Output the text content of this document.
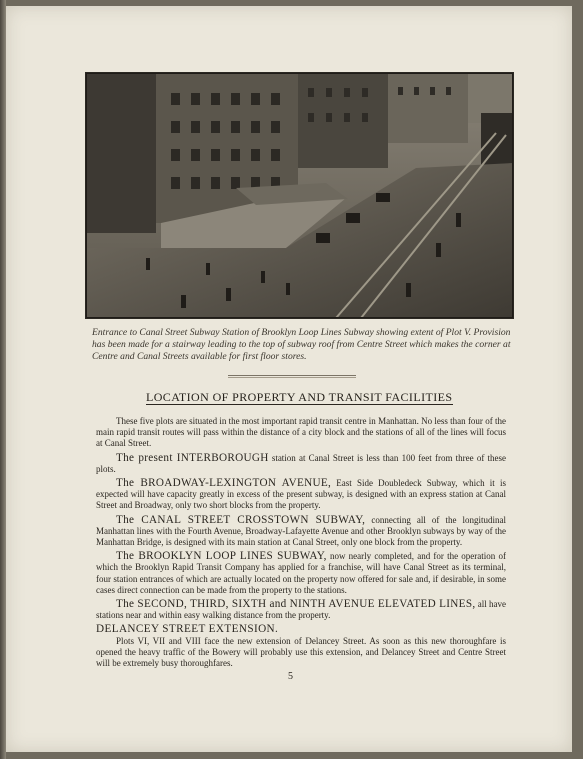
Entrance to Canal Street Subway Station of Brooklyn Loop Lines Subway showing extent of Plot V. Provision has been made for a stairway leading to the top of subway roof from Centre Street which makes the corner at Centre and Canal Streets available for first floor stores.
LOCATION OF PROPERTY AND TRANSIT FACILITIES

These five plots are situated in the most important rapid transit centre in Manhattan. No less than four of the main rapid transit routes will pass within the distance of a city block and the stations of all of the lines will focus at Canal Street.

The present INTERBOROUGH station at Canal Street is less than 100 feet from three of these plots.

The BROADWAY-LEXINGTON AVENUE, East Side Doubledeck Subway, which it is expected will have capacity greatly in excess of the present subway, is designed with an express station at Canal Street and Broadway, only two short blocks from the property.

The CANAL STREET CROSSTOWN SUBWAY, connecting all of the longitudinal Manhattan lines with the Fourth Avenue, Broadway-Lafayette Avenue and other Brooklyn subways by way of the Manhattan Bridge, is designed with its main station at Canal Street, only one block from the property.

The BROOKLYN LOOP LINES SUBWAY, now nearly completed, and for the operation of which the Brooklyn Rapid Transit Company has applied for a franchise, will have Canal Street as its terminal, four station entrances of which are actually located on the property now offered for sale and, if desirable, in some cases direct connection can be made from the property to the stations.

The SECOND, THIRD, SIXTH and NINTH AVENUE ELEVATED LINES, all have stations near and within easy walking distance from the property.

DELANCEY STREET EXTENSION.

Plots VI, VII and VIII face the new extension of Delancey Street. As soon as this new thoroughfare is opened the heavy traffic of the Bowery will probably use this extension, and Delancey Street and Centre Street will be extremely busy thoroughfares.

5
